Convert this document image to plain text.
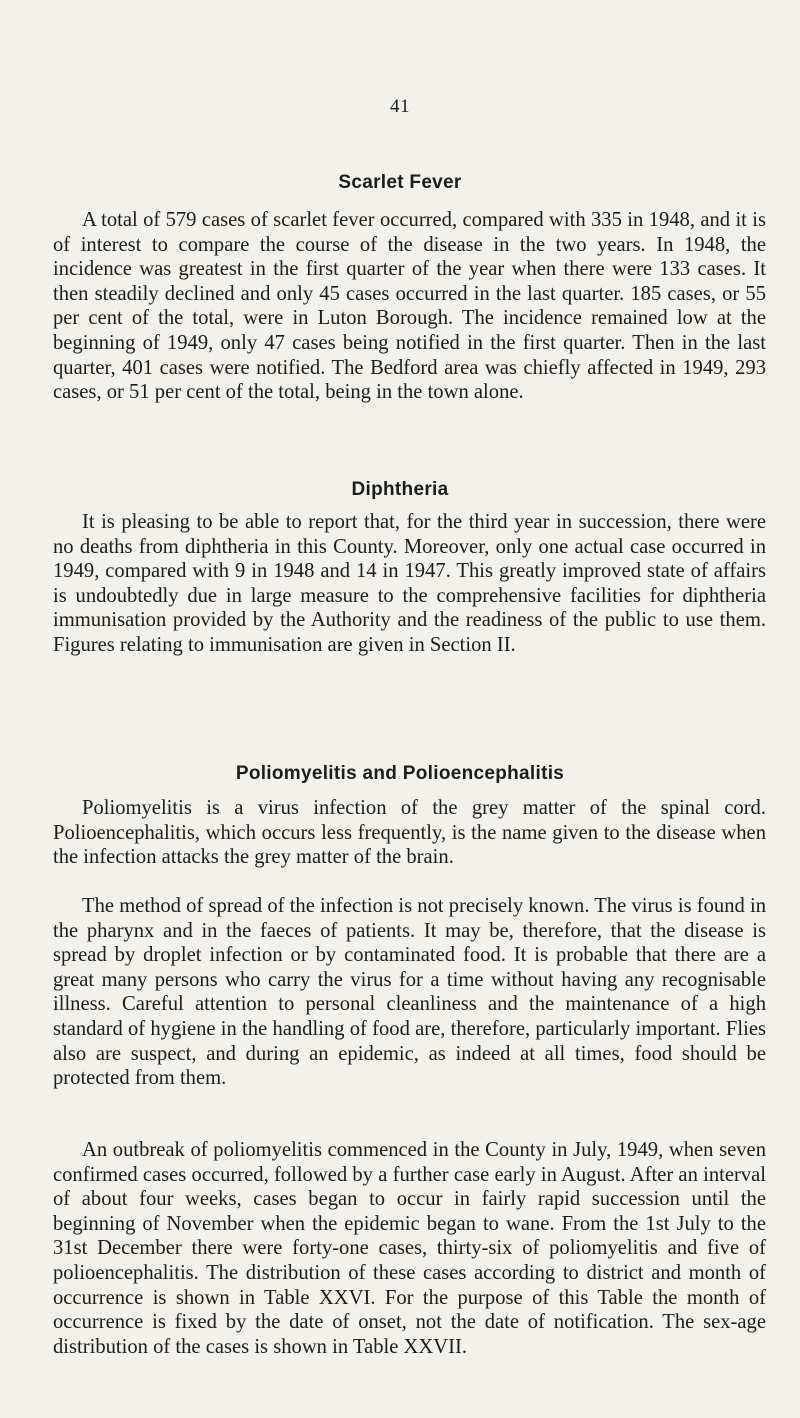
41
Scarlet Fever

A total of 579 cases of scarlet fever occurred, compared with 335 in 1948, and it is of interest to compare the course of the disease in the two years. In 1948, the incidence was greatest in the first quarter of the year when there were 133 cases. It then steadily declined and only 45 cases occurred in the last quarter. 185 cases, or 55 per cent of the total, were in Luton Borough. The incidence remained low at the beginning of 1949, only 47 cases being notified in the first quarter. Then in the last quarter, 401 cases were notified. The Bedford area was chiefly affected in 1949, 293 cases, or 51 per cent of the total, being in the town alone.

Diphtheria

It is pleasing to be able to report that, for the third year in succession, there were no deaths from diphtheria in this County. Moreover, only one actual case occurred in 1949, compared with 9 in 1948 and 14 in 1947. This greatly improved state of affairs is undoubtedly due in large measure to the comprehensive facilities for diphtheria immunisation provided by the Authority and the readiness of the public to use them. Figures relating to immunisation are given in Section II.

Poliomyelitis and Polioencephalitis

Poliomyelitis is a virus infection of the grey matter of the spinal cord. Polioencephalitis, which occurs less frequently, is the name given to the disease when the infection attacks the grey matter of the brain.

The method of spread of the infection is not precisely known. The virus is found in the pharynx and in the faeces of patients. It may be, therefore, that the disease is spread by droplet infection or by contaminated food. It is probable that there are a great many persons who carry the virus for a time without having any recognisable illness. Careful attention to personal cleanliness and the maintenance of a high standard of hygiene in the handling of food are, therefore, particularly important. Flies also are suspect, and during an epidemic, as indeed at all times, food should be protected from them.

An outbreak of poliomyelitis commenced in the County in July, 1949, when seven confirmed cases occurred, followed by a further case early in August. After an interval of about four weeks, cases began to occur in fairly rapid succession until the beginning of November when the epidemic began to wane. From the 1st July to the 31st December there were forty-one cases, thirty-six of poliomyelitis and five of polioencephalitis. The distribution of these cases according to district and month of occurrence is shown in Table XXVI. For the purpose of this Table the month of occurrence is fixed by the date of onset, not the date of notification. The sex-age distribution of the cases is shown in Table XXVII.
